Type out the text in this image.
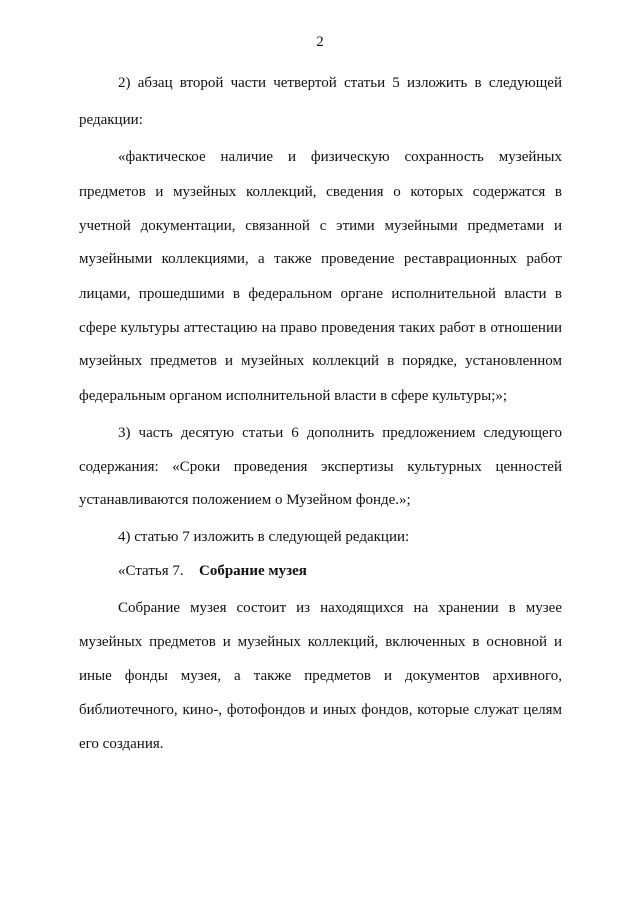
2
2) абзац второй части четвертой статьи 5 изложить в следующей
редакции:
«фактическое наличие и физическую сохранность музейных
предметов и музейных коллекций, сведения о которых содержатся в
учетной документации, связанной с этими музейными предметами и
музейными коллекциями, а также проведение реставрационных работ
лицами, прошедшими в федеральном органе исполнительной власти в
сфере культуры аттестацию на право проведения таких работ в отношении
музейных предметов и музейных коллекций в порядке, установленном
федеральным органом исполнительной власти в сфере культуры;»;
3) часть десятую статьи 6 дополнить предложением следующего
содержания: «Сроки проведения экспертизы культурных ценностей
устанавливаются положением о Музейном фонде.»;
4) статью 7 изложить в следующей редакции:
«Статья 7. Собрание музея
Собрание музея состоит из находящихся на хранении в музее
музейных предметов и музейных коллекций, включенных в основной и
иные фонды музея, а также предметов и документов архивного,
библиотечного, кино-, фотофондов и иных фондов, которые служат целям
его создания.
